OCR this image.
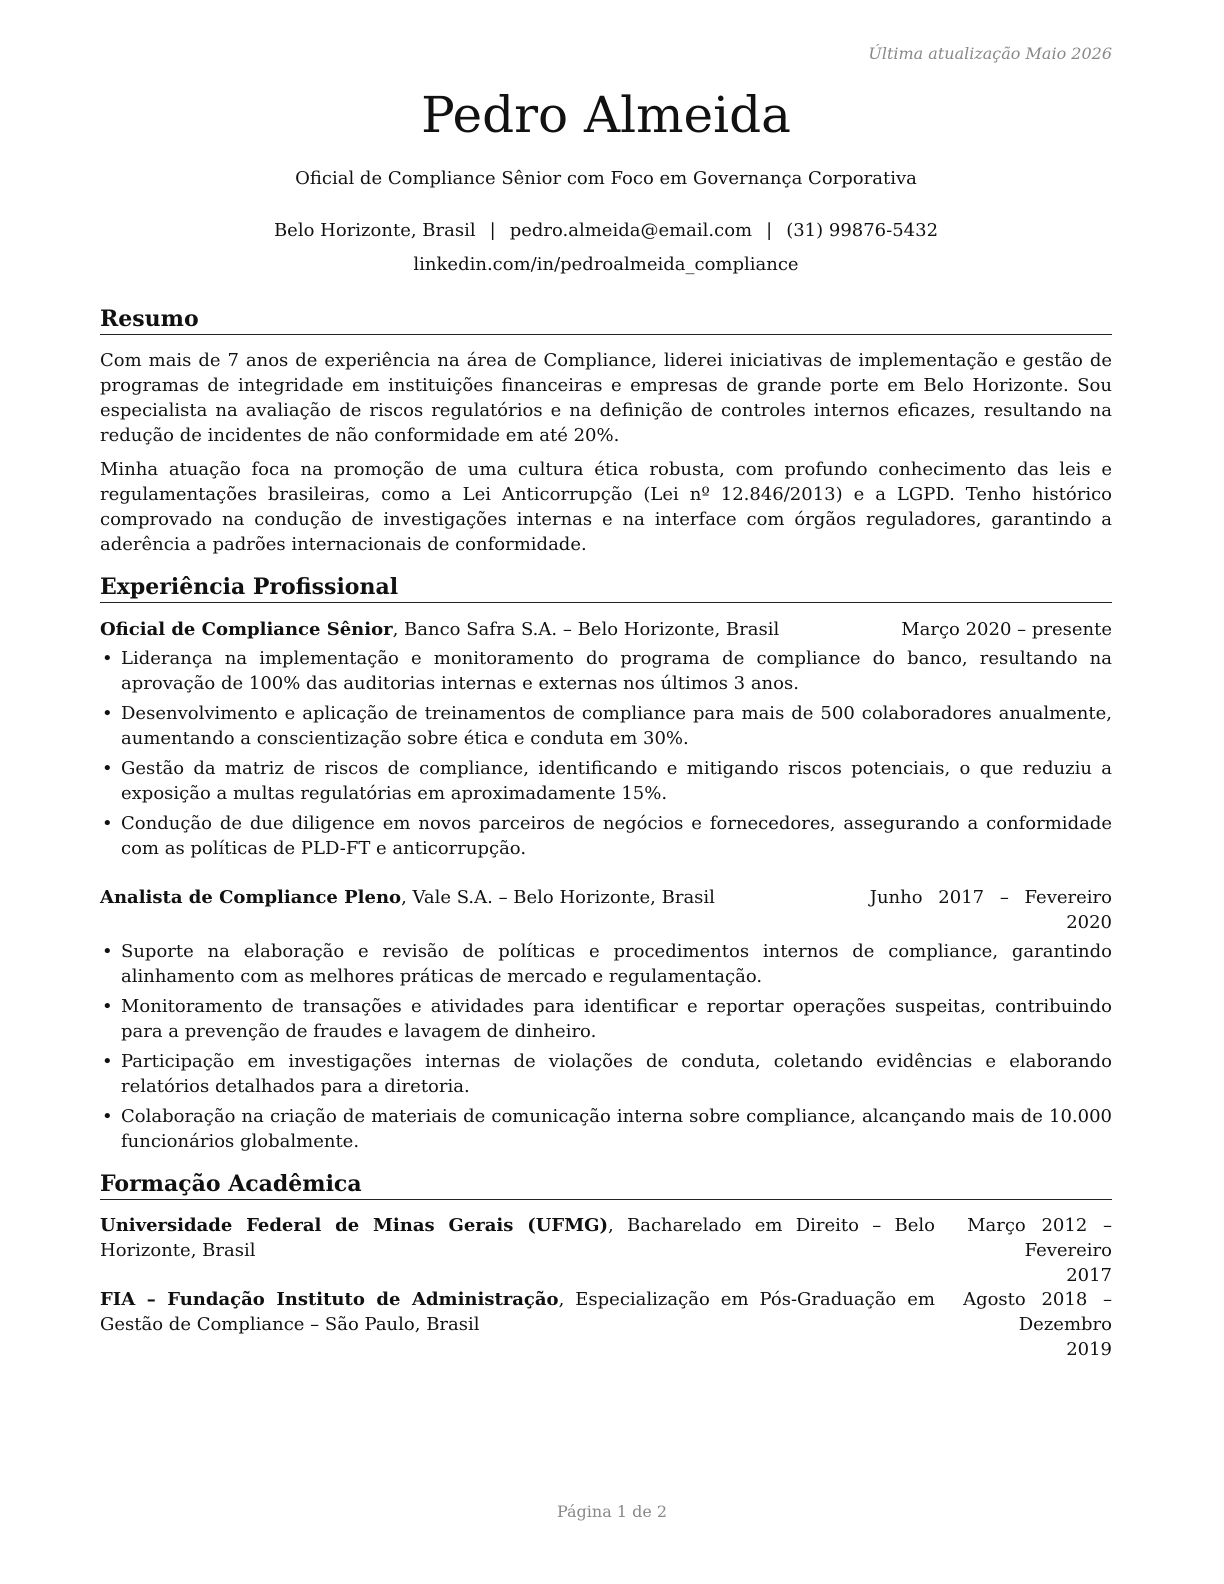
Última atualização Maio 2026
Pedro Almeida
Oficial de Compliance Sênior com Foco em Governança Corporativa
Belo Horizonte, Brasil | pedro.almeida@email.com | (31) 99876-5432
linkedin.com/in/pedroalmeida_compliance
Resumo
Com mais de 7 anos de experiência na área de Compliance, liderei iniciativas de implementação e gestão de programas de integridade em instituições financeiras e empresas de grande porte em Belo Horizonte. Sou especialista na avaliação de riscos regulatórios e na definição de controles internos eficazes, resultando na redução de incidentes de não conformidade em até 20%.
Minha atuação foca na promoção de uma cultura ética robusta, com profundo conhecimento das leis e regulamentações brasileiras, como a Lei Anticorrupção (Lei nº 12.846/2013) e a LGPD. Tenho histórico comprovado na condução de investigações internas e na interface com órgãos reguladores, garantindo a aderência a padrões internacionais de conformidade.
Experiência Profissional
Oficial de Compliance Sênior, Banco Safra S.A. – Belo Horizonte, Brasil	Março 2020 – presente
• Liderança na implementação e monitoramento do programa de compliance do banco, resultando na aprovação de 100% das auditorias internas e externas nos últimos 3 anos.
• Desenvolvimento e aplicação de treinamentos de compliance para mais de 500 colaboradores anualmente, aumentando a conscientização sobre ética e conduta em 30%.
• Gestão da matriz de riscos de compliance, identificando e mitigando riscos potenciais, o que reduziu a exposição a multas regulatórias em aproximadamente 15%.
• Condução de due diligence em novos parceiros de negócios e fornecedores, assegurando a conformidade com as políticas de PLD-FT e anticorrupção.
Analista de Compliance Pleno, Vale S.A. – Belo Horizonte, Brasil	Junho 2017 – Fevereiro
2020
• Suporte na elaboração e revisão de políticas e procedimentos internos de compliance, garantindo alinhamento com as melhores práticas de mercado e regulamentação.
• Monitoramento de transações e atividades para identificar e reportar operações suspeitas, contribuindo para a prevenção de fraudes e lavagem de dinheiro.
• Participação em investigações internas de violações de conduta, coletando evidências e elaborando relatórios detalhados para a diretoria.
• Colaboração na criação de materiais de comunicação interna sobre compliance, alcançando mais de 10.000 funcionários globalmente.
Formação Acadêmica
Universidade Federal de Minas Gerais (UFMG), Bacharelado em Direito – Belo Horizonte, Brasil
Março 2012 – Fevereiro
2017
FIA – Fundação Instituto de Administração, Especialização em Pós-Graduação em Gestão de Compliance – São Paulo, Brasil
Agosto 2018 – Dezembro
2019
Página 1 de 2
